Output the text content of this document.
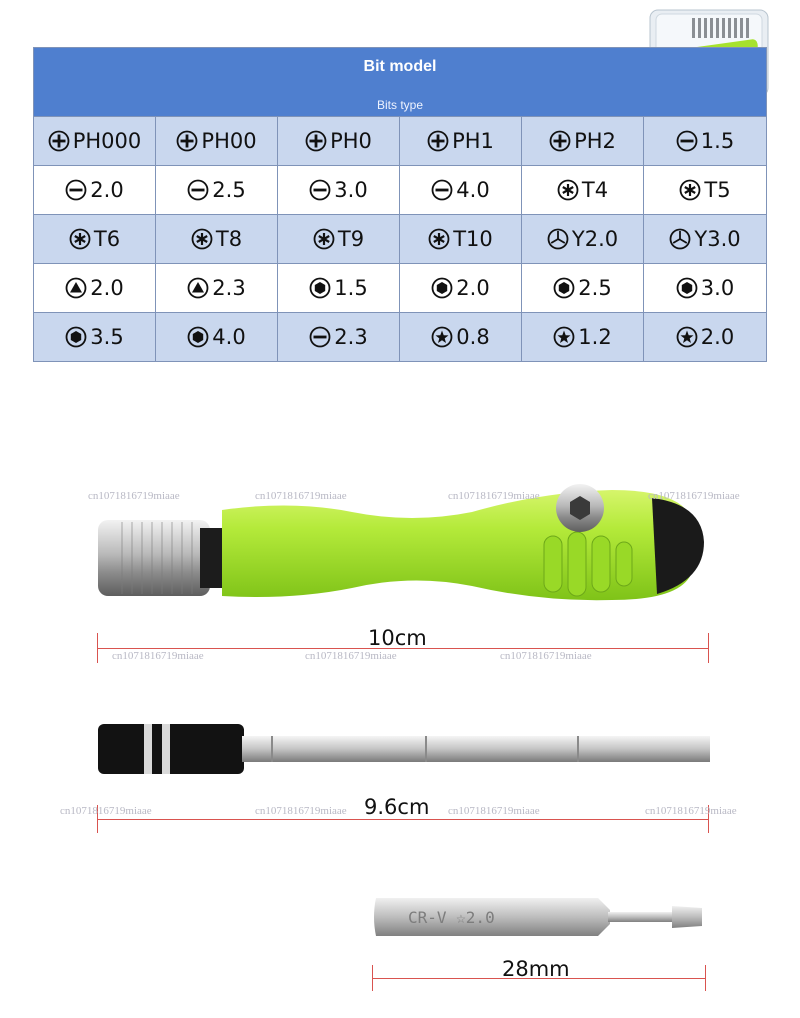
Bit model
Bits type
PH000	PH00	PH0	PH1	PH2	1.5
2.0	2.5	3.0	4.0	T4	T5
T6	T8	T9	T10	Y2.0	Y3.0
2.0	2.3	1.5	2.0	2.5	3.0
3.5	4.0	2.3	0.8	1.2	2.0
10cm
9.6cm
CR-V ☆2.0
28mm
cn1071816719miaae	cn1071816719miaae	cn1071816719miaae	cn1071816719miaae
cn1071816719miaae	cn1071816719miaae	cn1071816719miaae
cn1071816719miaae	cn1071816719miaae	cn1071816719miaae	cn1071816719miaae
